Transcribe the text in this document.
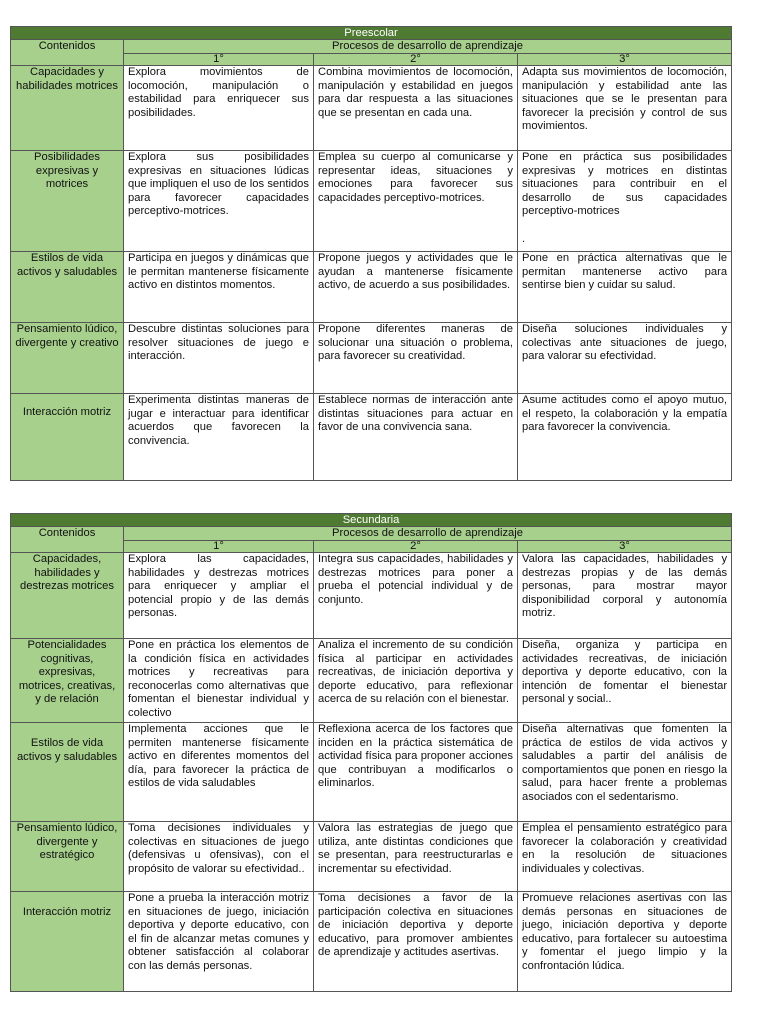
Preescolar			
Contenidos	Procesos de desarrollo de aprendizaje		
	1°	2°	3°
Capacidades y habilidades motrices	Explora movimientos de locomoción, manipulación o estabilidad para enriquecer sus posibilidades.	Combina movimientos de locomoción, manipulación y estabilidad en juegos para dar respuesta a las situaciones que se presentan en cada una.	Adapta sus movimientos de locomoción, manipulación y estabilidad ante las situaciones que se le presentan para favorecer la precisión y control de sus movimientos.
Posibilidades expresivas y motrices	Explora sus posibilidades expresivas en situaciones lúdicas que impliquen el uso de los sentidos para favorecer capacidades perceptivo-motrices.	Emplea su cuerpo al comunicarse y representar ideas, situaciones y emociones para favorecer sus capacidades perceptivo-motrices.	Pone en práctica sus posibilidades expresivas y motrices en distintas situaciones para contribuir en el desarrollo de sus capacidades perceptivo-motrices

.
Estilos de vida activos y saludables	Participa en juegos y dinámicas que le permitan mantenerse físicamente activo en distintos momentos.	Propone juegos y actividades que le ayudan a mantenerse físicamente activo, de acuerdo a sus posibilidades.	Pone en práctica alternativas que le permitan mantenerse activo para sentirse bien y cuidar su salud.
Pensamiento lúdico, divergente y creativo	Descubre distintas soluciones para resolver situaciones de juego e interacción.	Propone diferentes maneras de solucionar una situación o problema, para favorecer su creatividad.	Diseña soluciones individuales y colectivas ante situaciones de juego, para valorar su efectividad.
Interacción motriz	Experimenta distintas maneras de jugar e interactuar para identificar acuerdos que favorecen la convivencia.	Establece normas de interacción ante distintas situaciones para actuar en favor de una convivencia sana.	Asume actitudes como el apoyo mutuo, el respeto, la colaboración y la empatía para favorecer la convivencia.
Secundaria			
Contenidos	Procesos de desarrollo de aprendizaje		
	1°	2°	3°
Capacidades, habilidades y destrezas motrices	Explora las capacidades, habilidades y destrezas motrices para enriquecer y ampliar el potencial propio y de las demás personas.	Integra sus capacidades, habilidades y destrezas motrices para poner a prueba el potencial individual y de conjunto.	Valora las capacidades, habilidades y destrezas propias y de las demás personas, para mostrar mayor disponibilidad corporal y autonomía motriz.
Potencialidades cognitivas, expresivas, motrices, creativas, y de relación	Pone en práctica los elementos de la condición física en actividades motrices y recreativas para reconocerlas como alternativas que fomentan el bienestar individual y colectivo	Analiza el incremento de su condición física al participar en actividades recreativas, de iniciación deportiva y deporte educativo, para reflexionar acerca de su relación con el bienestar.	Diseña, organiza y participa en actividades recreativas, de iniciación deportiva y deporte educativo, con la intención de fomentar el bienestar personal y social..
Estilos de vida activos y saludables	Implementa acciones que le permiten mantenerse físicamente activo en diferentes momentos del día, para favorecer la práctica de estilos de vida saludables	Reflexiona acerca de los factores que inciden en la práctica sistemática de actividad física para proponer acciones que contribuyan a modificarlos o eliminarlos.	Diseña alternativas que fomenten la práctica de estilos de vida activos y saludables a partir del análisis de comportamientos que ponen en riesgo la salud, para hacer frente a problemas asociados con el sedentarismo.
Pensamiento lúdico, divergente y estratégico	Toma decisiones individuales y colectivas en situaciones de juego (defensivas u ofensivas), con el propósito de valorar su efectividad..	Valora las estrategias de juego que utiliza, ante distintas condiciones que se presentan, para reestructurarlas e incrementar su efectividad.	Emplea el pensamiento estratégico para favorecer la colaboración y creatividad en la resolución de situaciones individuales y colectivas.
Interacción motriz	Pone a prueba la interacción motriz en situaciones de juego, iniciación deportiva y deporte educativo, con el fin de alcanzar metas comunes y obtener satisfacción al colaborar con las demás personas.	Toma decisiones a favor de la participación colectiva en situaciones de iniciación deportiva y deporte educativo, para promover ambientes de aprendizaje y actitudes asertivas.	Promueve relaciones asertivas con las demás personas en situaciones de juego, iniciación deportiva y deporte educativo, para fortalecer su autoestima y fomentar el juego limpio y la confrontación lúdica.
